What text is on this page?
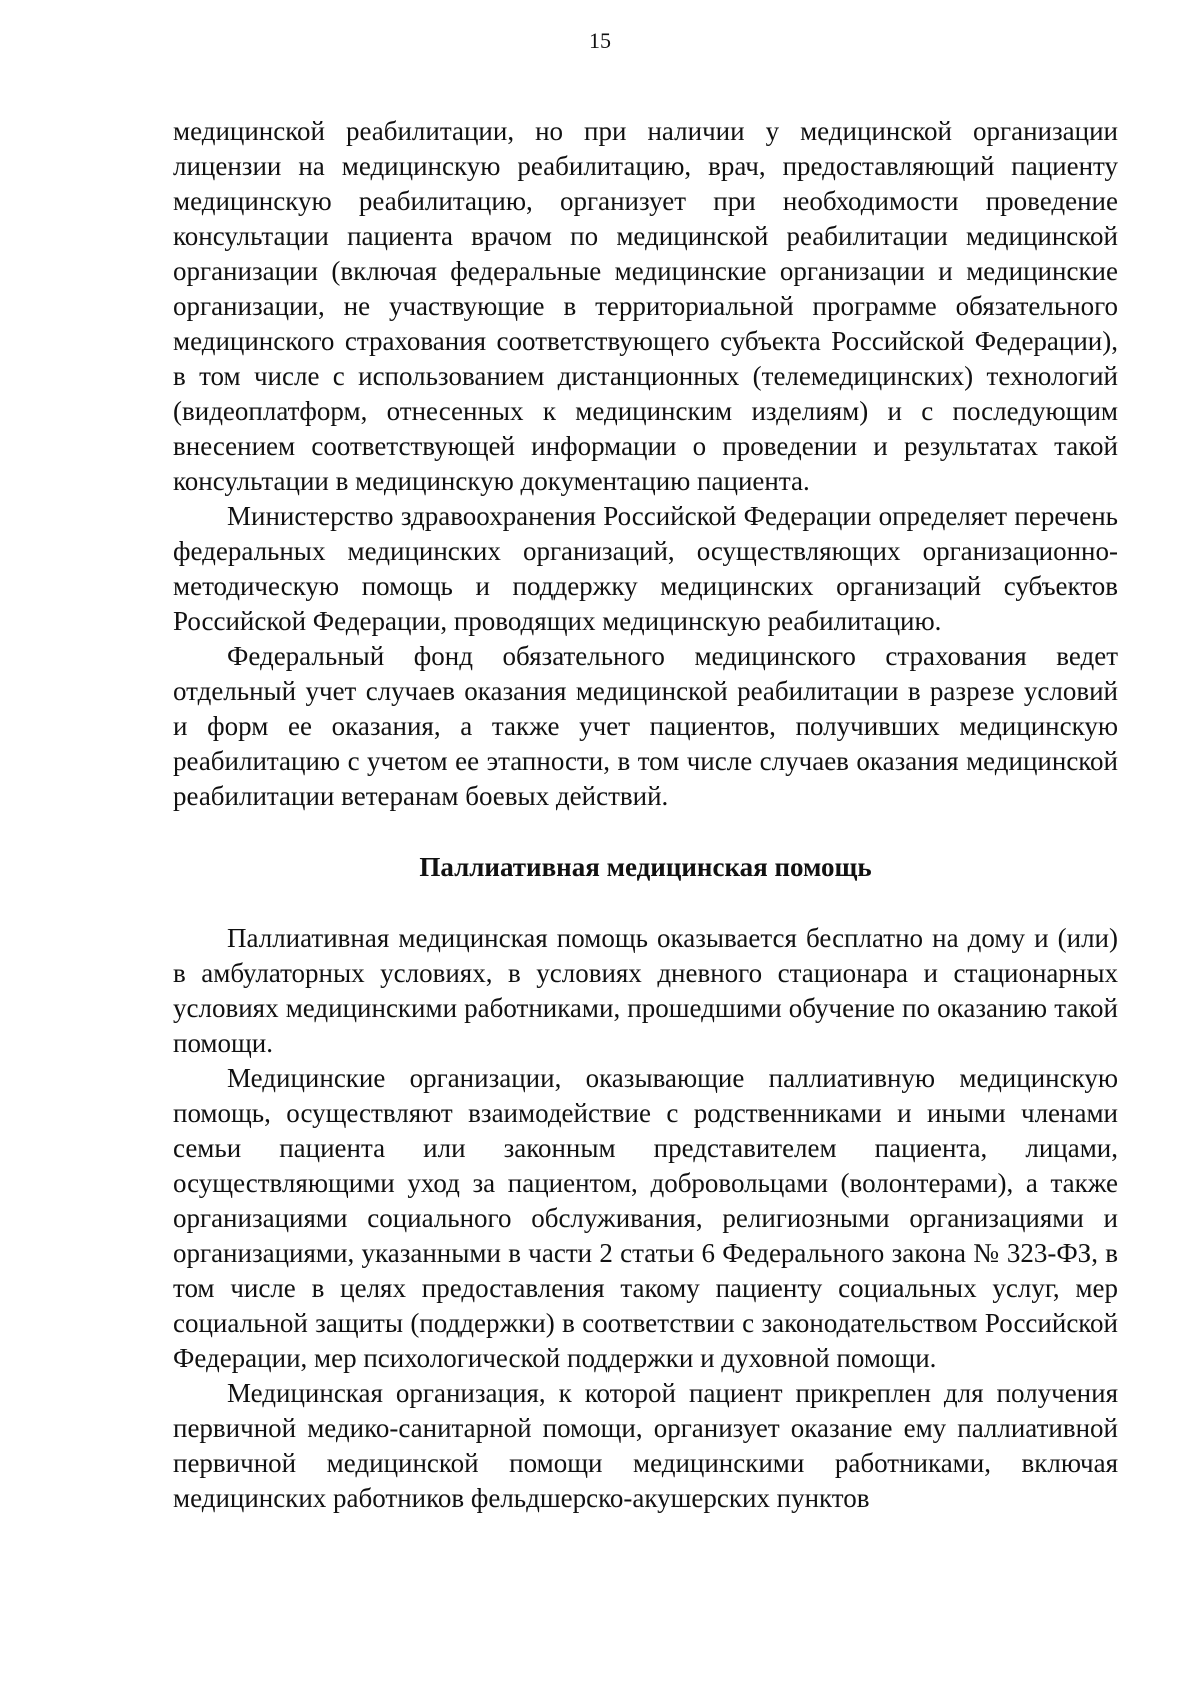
15

медицинской реабилитации, но при наличии у медицинской организации лицензии на медицинскую реабилитацию, врач, предоставляющий пациенту медицинскую реабилитацию, организует при необходимости проведение консультации пациента врачом по медицинской реабилитации медицинской организации (включая федеральные медицинские организации и медицинские организации, не участвующие в территориальной программе обязательного медицинского страхования соответствующего субъекта Российской Федерации), в том числе с использованием дистанционных (телемедицинских) технологий (видеоплатформ, отнесенных к медицинским изделиям) и с последующим внесением соответствующей информации о проведении и результатах такой консультации в медицинскую документацию пациента.

Министерство здравоохранения Российской Федерации определяет перечень федеральных медицинских организаций, осуществляющих организационно-методическую помощь и поддержку медицинских организаций субъектов Российской Федерации, проводящих медицинскую реабилитацию.

Федеральный фонд обязательного медицинского страхования ведет отдельный учет случаев оказания медицинской реабилитации в разрезе условий и форм ее оказания, а также учет пациентов, получивших медицинскую реабилитацию с учетом ее этапности, в том числе случаев оказания медицинской реабилитации ветеранам боевых действий.

Паллиативная медицинская помощь

Паллиативная медицинская помощь оказывается бесплатно на дому и (или) в амбулаторных условиях, в условиях дневного стационара и стационарных условиях медицинскими работниками, прошедшими обучение по оказанию такой помощи.

Медицинские организации, оказывающие паллиативную медицинскую помощь, осуществляют взаимодействие с родственниками и иными членами семьи пациента или законным представителем пациента, лицами, осуществляющими уход за пациентом, добровольцами (волонтерами), а также организациями социального обслуживания, религиозными организациями и организациями, указанными в части 2 статьи 6 Федерального закона № 323-ФЗ, в том числе в целях предоставления такому пациенту социальных услуг, мер социальной защиты (поддержки) в соответствии с законодательством Российской Федерации, мер психологической поддержки и духовной помощи.

Медицинская организация, к которой пациент прикреплен для получения первичной медико-санитарной помощи, организует оказание ему паллиативной первичной медицинской помощи медицинскими работниками, включая медицинских работников фельдшерско-акушерских пунктов
